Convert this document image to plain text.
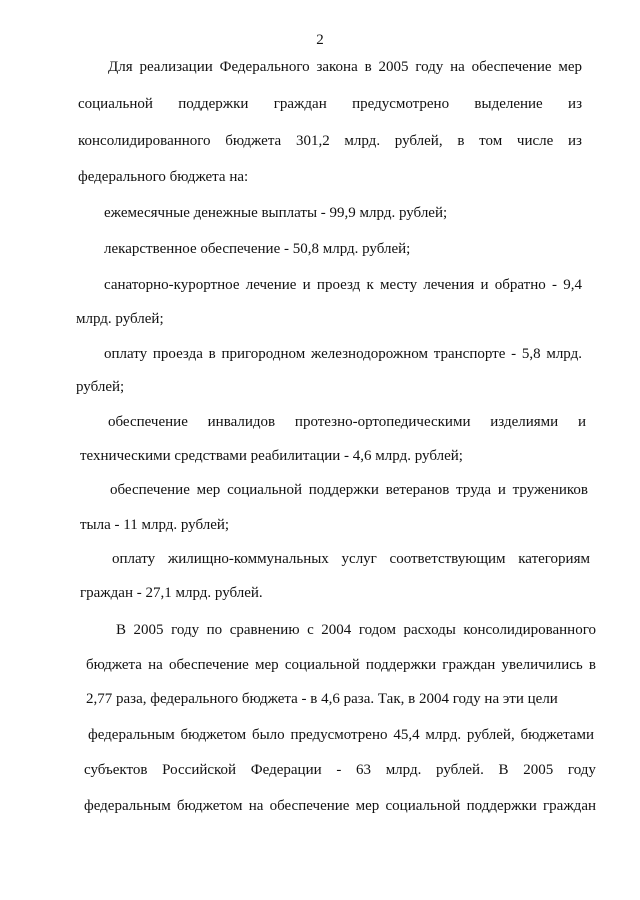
2
Для реализации Федерального закона в 2005 году на обеспечение мер
социальной поддержки граждан предусмотрено выделение из
консолидированного бюджета 301,2 млрд. рублей, в том числе из
федерального бюджета на:
ежемесячные денежные выплаты - 99,9 млрд. рублей;
лекарственное обеспечение - 50,8 млрд. рублей;
санаторно-курортное лечение и проезд к месту лечения и обратно - 9,4
млрд. рублей;
оплату проезда в пригородном железнодорожном транспорте - 5,8 млрд.
рублей;
обеспечение инвалидов протезно-ортопедическими изделиями и
техническими средствами реабилитации - 4,6 млрд. рублей;
обеспечение мер социальной поддержки ветеранов труда и тружеников
тыла - 11 млрд. рублей;
оплату жилищно-коммунальных услуг соответствующим категориям
граждан - 27,1 млрд. рублей.
В 2005 году по сравнению с 2004 годом расходы консолидированного
бюджета на обеспечение мер социальной поддержки граждан увеличились в
2,77 раза, федерального бюджета - в 4,6 раза. Так, в 2004 году на эти цели
федеральным бюджетом было предусмотрено 45,4 млрд. рублей, бюджетами
субъектов Российской Федерации - 63 млрд. рублей. В 2005 году
федеральным бюджетом на обеспечение мер социальной поддержки граждан
